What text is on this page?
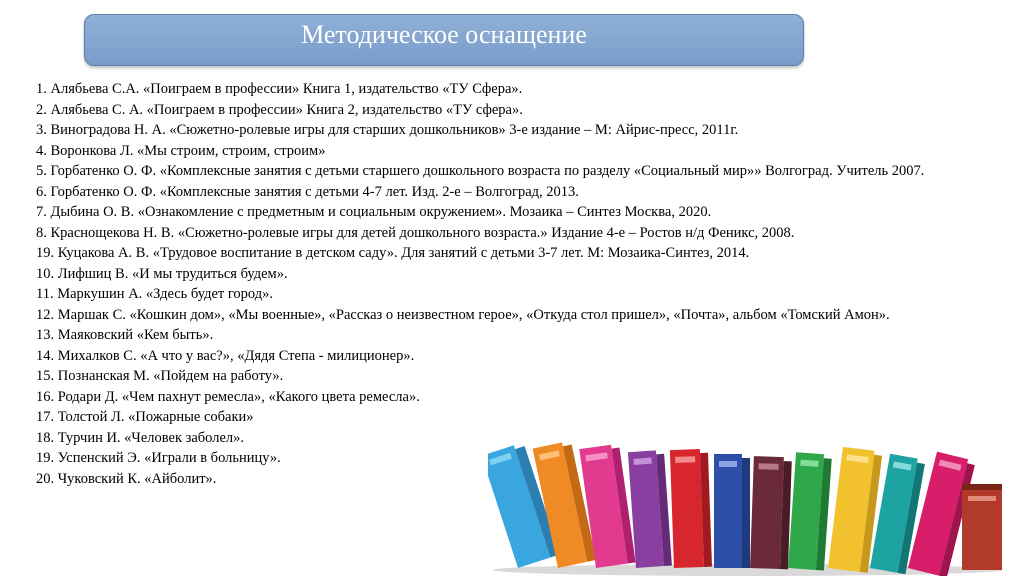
Методическое оснащение
1. Алябьева С.А. «Поиграем в профессии» Книга 1, издательство «ТУ Сфера».
2. Алябьева С. А. «Поиграем в профессии» Книга 2, издательство «ТУ сфера».
3. Виноградова Н. А. «Сюжетно-ролевые игры для старших дошкольников» 3-е издание – М: Айрис-пресс, 2011г.
4. Воронкова Л. «Мы строим, строим, строим»
5. Горбатенко О. Ф. «Комплексные занятия с детьми старшего дошкольного возраста по разделу «Социальный мир»» Волгоград. Учитель 2007.
6. Горбатенко О. Ф. «Комплексные занятия с детьми 4-7 лет. Изд. 2-е – Волгоград, 2013.
7. Дыбина О. В. «Ознакомление с предметным и социальным окружением». Мозаика – Синтез Москва, 2020.
8. Краснощекова Н. В. «Сюжетно-ролевые игры для детей дошкольного возраста.» Издание 4-е – Ростов н/д Феникс, 2008.
19. Куцакова А. В. «Трудовое воспитание в детском саду». Для занятий с детьми 3-7 лет. М: Мозаика-Синтез, 2014.
10. Лифшиц В. «И мы трудиться будем».
11. Маркушин А. «Здесь будет город».
12. Маршак С. «Кошкин дом», «Мы военные», «Рассказ о неизвестном герое», «Откуда стол пришел», «Почта», альбом «Томский Амон».
13. Маяковский «Кем быть».
14. Михалков С. «А что у вас?», «Дядя Степа - милиционер».
15. Познанская М. «Пойдем на работу».
16. Родари Д. «Чем пахнут ремесла», «Какого цвета ремесла».
17. Толстой Л. «Пожарные собаки»
18. Турчин И. «Человек заболел».
19. Успенский Э. «Играли в больницу».
20. Чуковский К. «Айболит».
